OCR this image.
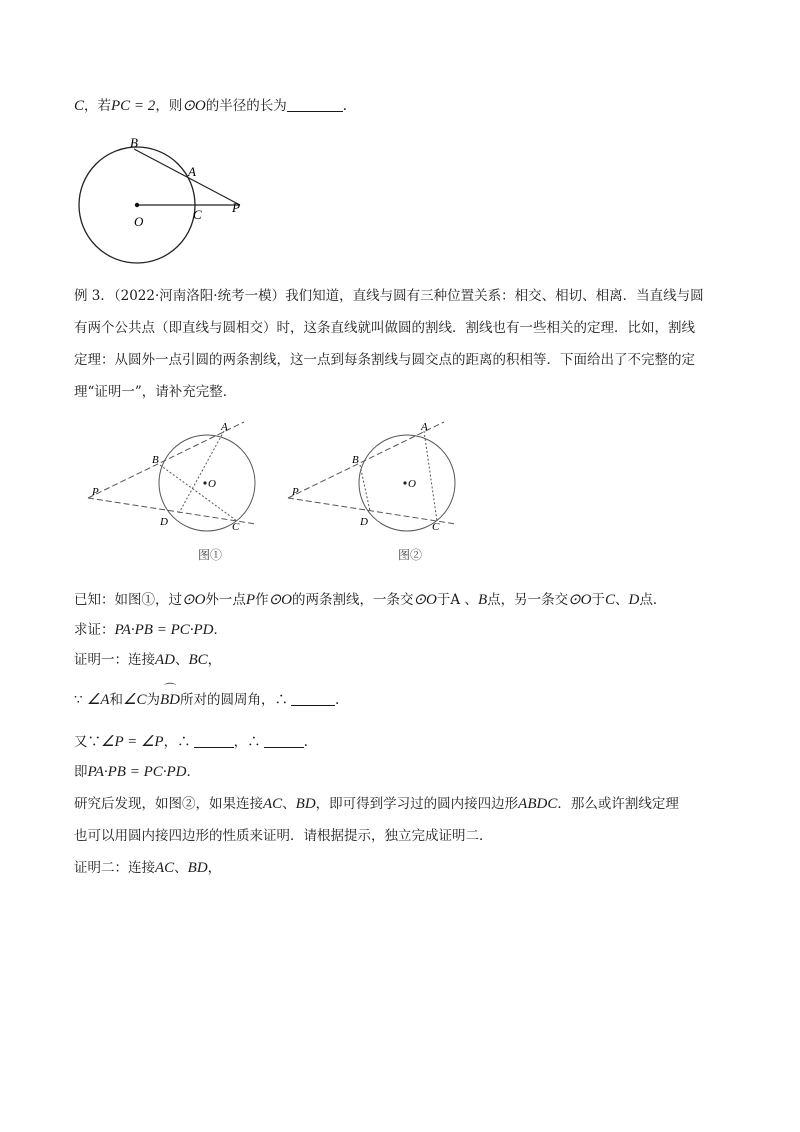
C，若PC = 2，则⊙O的半径的长为	.
B
A
O	C P
例 3．（2022·河南洛阳·统考一模）我们知道，直线与圆有三种位置关系：相交、相切、相离．当直线与圆
有两个公共点（即直线与圆相交）时，这条直线就叫做圆的割线．割线也有一些相关的定理．比如，割线
定理：从圆外一点引圆的两条割线，这一点到每条割线与圆交点的距离的积相等．下面给出了不完整的定
理“证明一”，请补充完整．
A
B
P
O
D	C
图①
A
B
P
O
D	C
图②
已知：如图①，过⊙O外一点P作⊙O的两条割线，一条交⊙O于A 、B点，另一条交⊙O于C、D点．
求证：PA·PB = PC·PD．
证明一：连接AD、BC，
∵ ∠A和∠C为
⌒
BD所对的圆周角，∴	.
又∵∠P = ∠P，∴	，∴	.
即PA·PB = PC·PD．
研究后发现，如图②，如果连接AC、BD，即可得到学习过的圆内接四边形ABDC．那么或许割线定理
也可以用圆内接四边形的性质来证明．请根据提示，独立完成证明二．
证明二：连接AC、BD，
